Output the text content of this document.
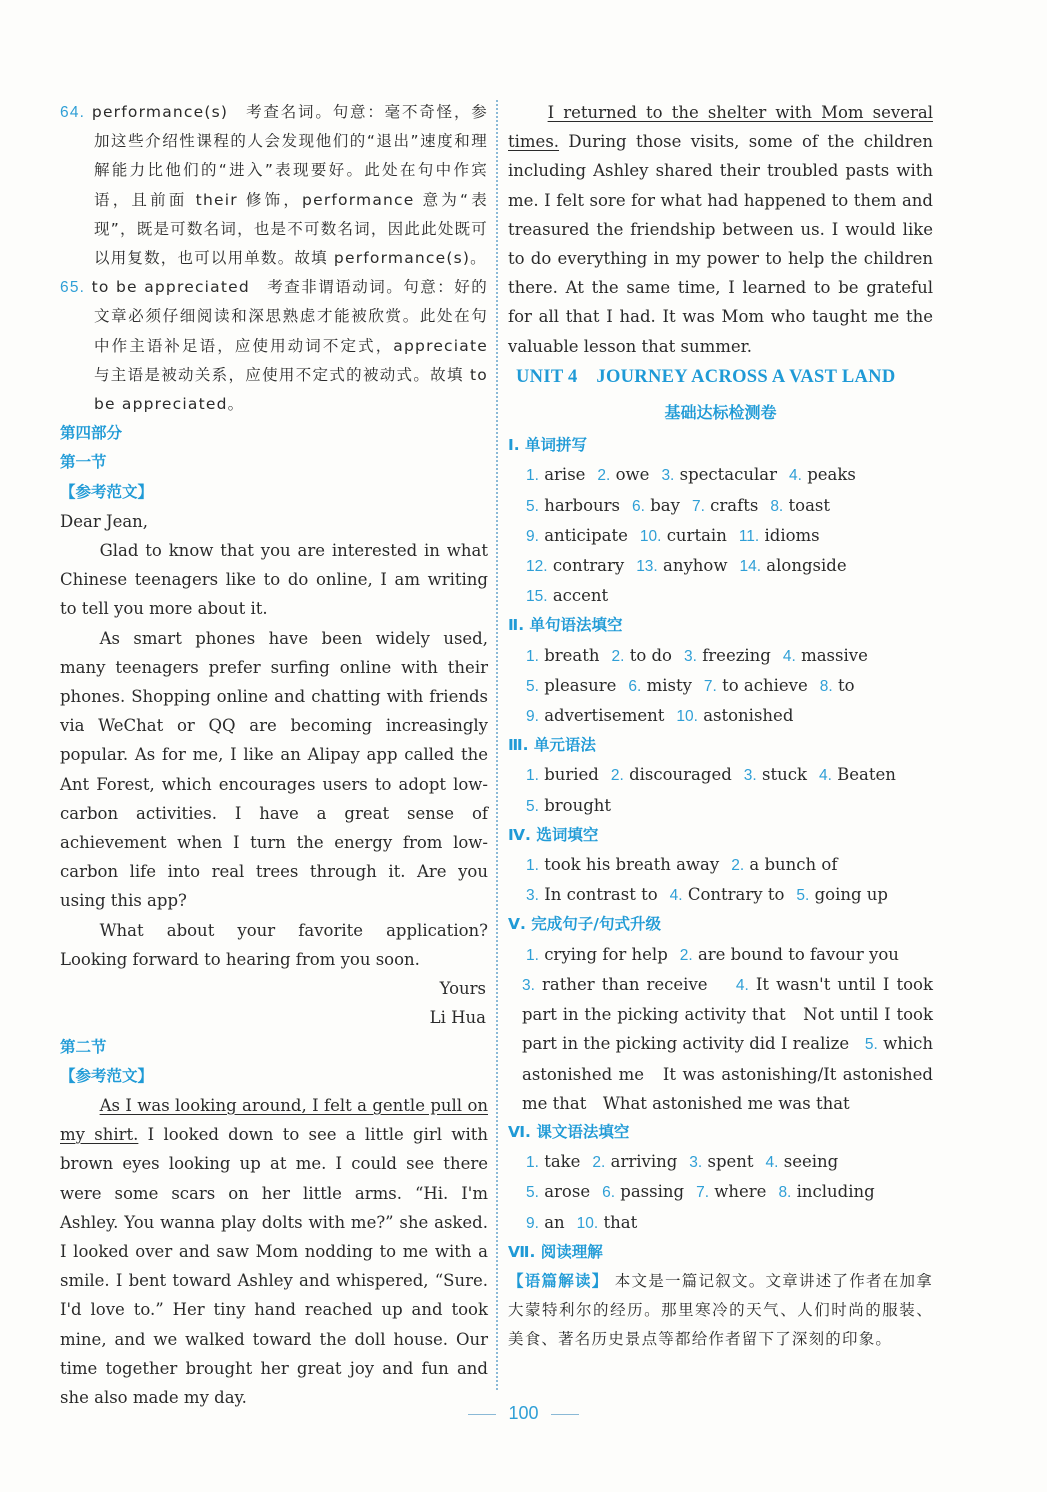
64. performance(s)　考查名词。句意：毫不奇怪，参加这些介绍性课程的人会发现他们的“退出”速度和理解能力比他们的“进入”表现要好。此处在句中作宾语，且前面 their 修饰，performance 意为“表现”，既是可数名词，也是不可数名词，因此此处既可以用复数，也可以用单数。故填 performance(s)。

65. to be appreciated　考查非谓语动词。句意：好的文章必须仔细阅读和深思熟虑才能被欣赏。此处在句中作主语补足语，应使用动词不定式，appreciate 与主语是被动关系，应使用不定式的被动式。故填 to be appreciated。

第四部分
第一节
【参考范文】

Dear Jean,

Glad to know that you are interested in what Chinese teenagers like to do online, I am writing to tell you more about it.

As smart phones have been widely used, many teenagers prefer surfing online with their phones. Shopping online and chatting with friends via WeChat or QQ are becoming increasingly popular. As for me, I like an Alipay app called the Ant Forest, which encourages users to adopt low-carbon activities. I have a great sense of achievement when I turn the energy from low-carbon life into real trees through it. Are you using this app?

What about your favorite application? Looking forward to hearing from you soon.

Yours

Li Hua

第二节
【参考范文】

As I was looking around, I felt a gentle pull on my shirt. I looked down to see a little girl with brown eyes looking up at me. I could see there were some scars on her little arms. “Hi. I'm Ashley. You wanna play dolts with me?” she asked. I looked over and saw Mom nodding to me with a smile. I bent toward Ashley and whispered, “Sure. I'd love to.” Her tiny hand reached up and took mine, and we walked toward the doll house. Our time together brought her great joy and fun and she also made my day.

I returned to the shelter with Mom several times. During those visits, some of the children including Ashley shared their troubled pasts with me. I felt sore for what had happened to them and treasured the friendship between us. I would like to do everything in my power to help the children there. At the same time, I learned to be grateful for all that I had. It was Mom who taught me the valuable lesson that summer.

UNIT 4　JOURNEY ACROSS A VAST LAND
基础达标检测卷
Ⅰ. 单词拼写

1. arise 2. owe 3. spectacular 4. peaks

5. harbours 6. bay 7. crafts 8. toast

9. anticipate 10. curtain 11. idioms

12. contrary 13. anyhow 14. alongside

15. accent

Ⅱ. 单句语法填空

1. breath 2. to do 3. freezing 4. massive

5. pleasure 6. misty 7. to achieve 8. to

9. advertisement 10. astonished

Ⅲ. 单元语法

1. buried 2. discouraged 3. stuck 4. Beaten

5. brought

Ⅳ. 选词填空

1. took his breath away 2. a bunch of

3. In contrast to 4. Contrary to 5. going up

Ⅴ. 完成句子/句式升级

1. crying for help 2. are bound to favour you

3. rather than receive 4. It wasn't until I took part in the picking activity that　Not until I took part in the picking activity did I realize 5. which astonished me　It was astonishing/It astonished me that　What astonished me was that

Ⅵ. 课文语法填空

1. take 2. arriving 3. spent 4. seeing

5. arose 6. passing 7. where 8. including

9. an 10. that

Ⅶ. 阅读理解

【语篇解读】 本文是一篇记叙文。文章讲述了作者在加拿大蒙特利尔的经历。那里寒冷的天气、人们时尚的服装、美食、著名历史景点等都给作者留下了深刻的印象。

100
